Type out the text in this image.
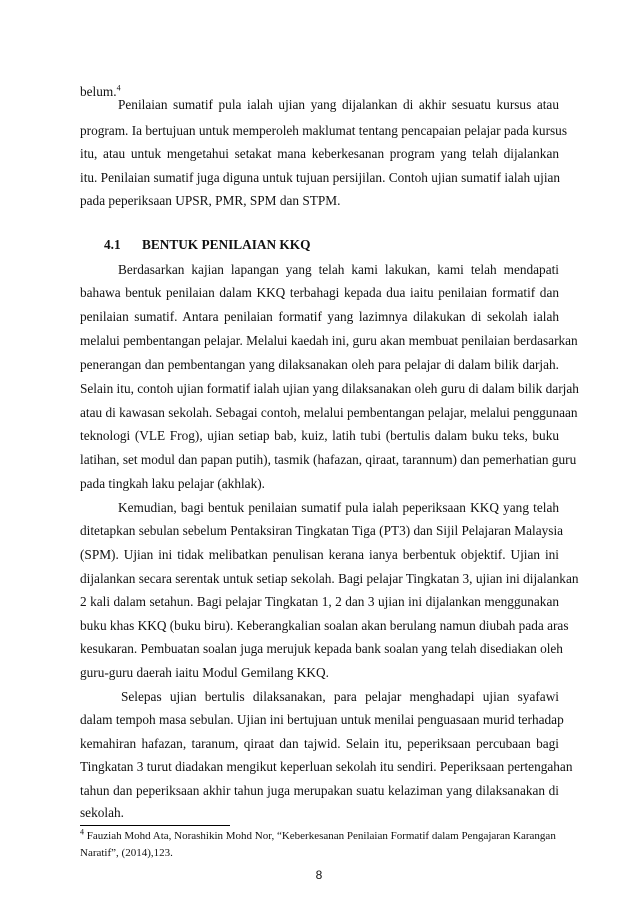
belum.$^4$
Penilaian sumatif pula ialah ujian yang dijalankan di akhir sesuatu kursus atau
program. Ia bertujuan untuk memperoleh maklumat tentang pencapaian pelajar pada kursus
itu, atau untuk mengetahui setakat mana keberkesanan program yang telah dijalankan
itu. Penilaian sumatif juga diguna untuk tujuan persijilan. Contoh ujian sumatif ialah ujian
pada peperiksaan UPSR, PMR, SPM dan STPM.
4.1 BENTUK PENILAIAN KKQ
Berdasarkan kajian lapangan yang telah kami lakukan, kami telah mendapati
bahawa bentuk penilaian dalam KKQ terbahagi kepada dua iaitu penilaian formatif dan
penilaian sumatif. Antara penilaian formatif yang lazimnya dilakukan di sekolah ialah
melalui pembentangan pelajar. Melalui kaedah ini, guru akan membuat penilaian berdasarkan
penerangan dan pembentangan yang dilaksanakan oleh para pelajar di dalam bilik darjah.
Selain itu, contoh ujian formatif ialah ujian yang dilaksanakan oleh guru di dalam bilik darjah
atau di kawasan sekolah. Sebagai contoh, melalui pembentangan pelajar, melalui penggunaan
teknologi (VLE Frog), ujian setiap bab, kuiz, latih tubi (bertulis dalam buku teks, buku
latihan, set modul dan papan putih), tasmik (hafazan, qiraat, tarannum) dan pemerhatian guru
pada tingkah laku pelajar (akhlak).
Kemudian, bagi bentuk penilaian sumatif pula ialah peperiksaan KKQ yang telah
ditetapkan sebulan sebelum Pentaksiran Tingkatan Tiga (PT3) dan Sijil Pelajaran Malaysia
(SPM). Ujian ini tidak melibatkan penulisan kerana ianya berbentuk objektif. Ujian ini
dijalankan secara serentak untuk setiap sekolah. Bagi pelajar Tingkatan 3, ujian ini dijalankan
2 kali dalam setahun. Bagi pelajar Tingkatan 1, 2 dan 3 ujian ini dijalankan menggunakan
buku khas KKQ (buku biru). Keberangkalian soalan akan berulang namun diubah pada aras
kesukaran. Pembuatan soalan juga merujuk kepada bank soalan yang telah disediakan oleh
guru-guru daerah iaitu Modul Gemilang KKQ.
Selepas ujian bertulis dilaksanakan, para pelajar menghadapi ujian syafawi
dalam tempoh masa sebulan. Ujian ini bertujuan untuk menilai penguasaan murid terhadap
kemahiran hafazan, taranum, qiraat dan tajwid. Selain itu, peperiksaan percubaan bagi
Tingkatan 3 turut diadakan mengikut keperluan sekolah itu sendiri. Peperiksaan pertengahan
tahun dan peperiksaan akhir tahun juga merupakan suatu kelaziman yang dilaksanakan di
sekolah.
$^4$ Fauziah Mohd Ata, Norashikin Mohd Nor, “Keberkesanan Penilaian Formatif dalam Pengajaran Karangan
Naratif”, (2014),123.
8
